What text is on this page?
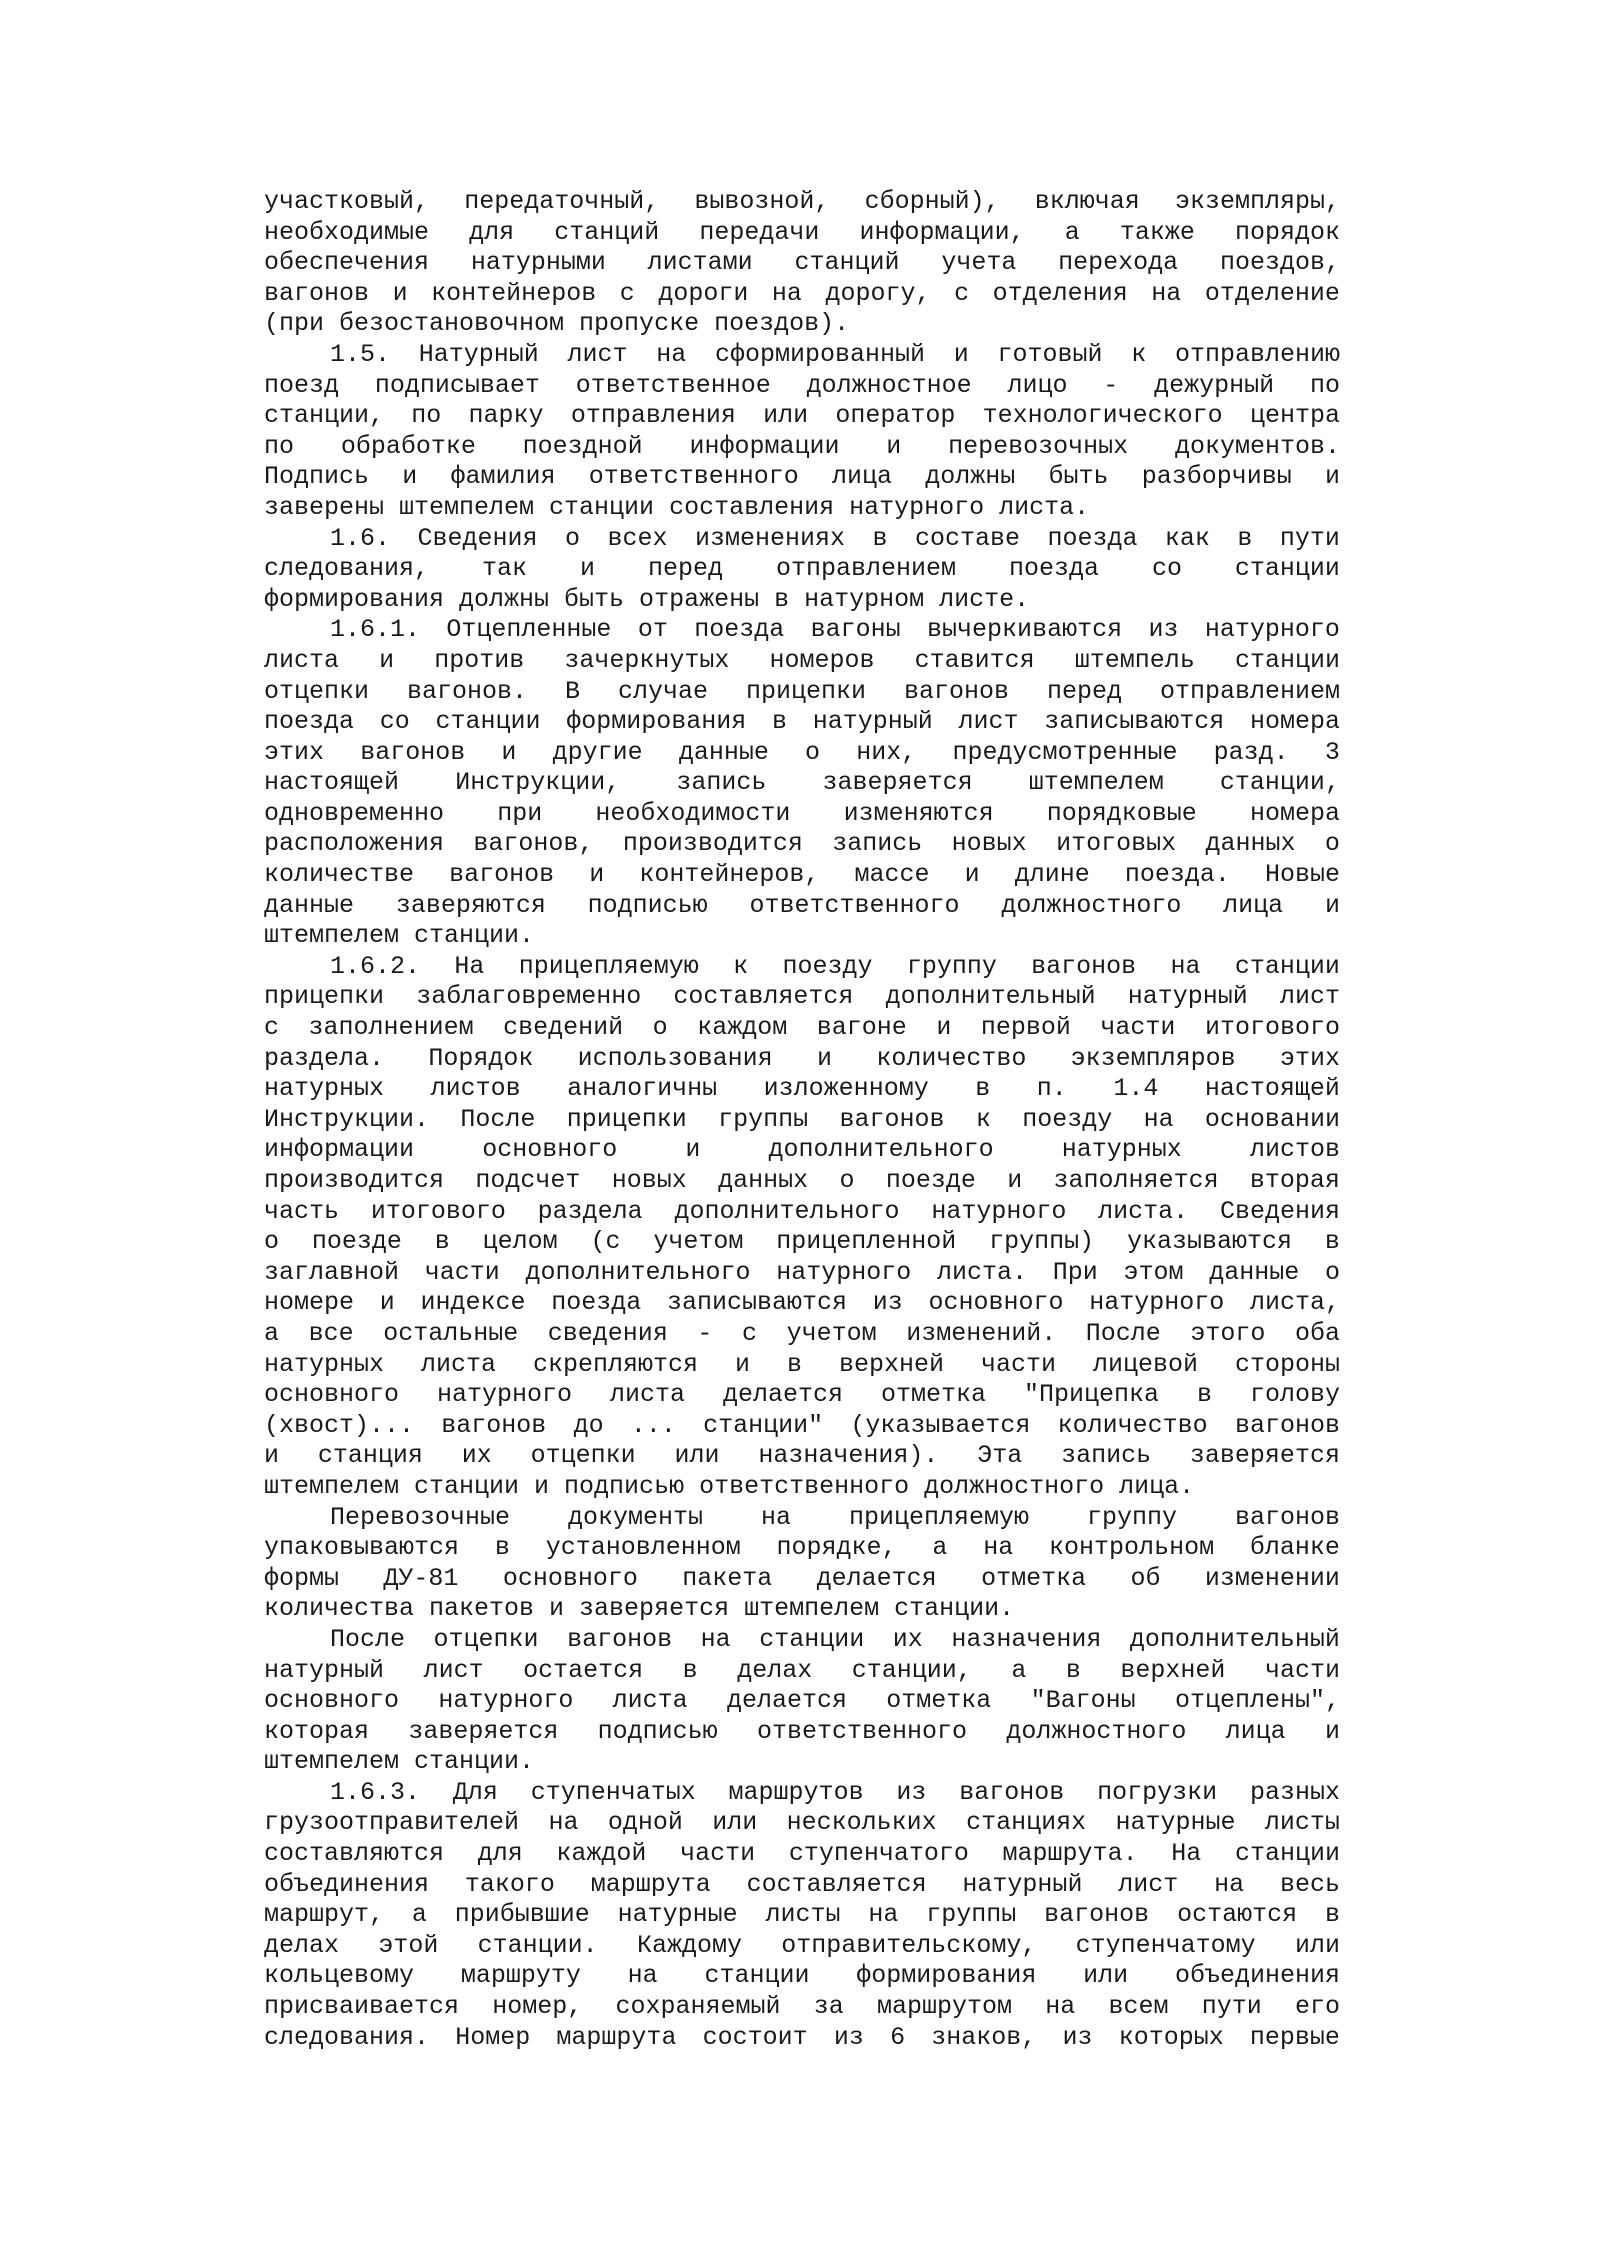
участковый, передаточный, вывозной, сборный), включая экземпляры,
необходимые для станций передачи информации, а также порядок
обеспечения натурными листами станций учета перехода поездов,
вагонов и контейнеров с дороги на дорогу, с отделения на отделение
(при безостановочном пропуске поездов).
1.5. Натурный лист на сформированный и готовый к отправлению
поезд подписывает ответственное должностное лицо - дежурный по
станции, по парку отправления или оператор технологического центра
по обработке поездной информации и перевозочных документов.
Подпись и фамилия ответственного лица должны быть разборчивы и
заверены штемпелем станции составления натурного листа.
1.6. Сведения о всех изменениях в составе поезда как в пути
следования, так и перед отправлением поезда со станции
формирования должны быть отражены в натурном листе.
1.6.1. Отцепленные от поезда вагоны вычеркиваются из натурного
листа и против зачеркнутых номеров ставится штемпель станции
отцепки вагонов. В случае прицепки вагонов перед отправлением
поезда со станции формирования в натурный лист записываются номера
этих вагонов и другие данные о них, предусмотренные разд. 3
настоящей Инструкции, запись заверяется штемпелем станции,
одновременно при необходимости изменяются порядковые номера
расположения вагонов, производится запись новых итоговых данных о
количестве вагонов и контейнеров, массе и длине поезда. Новые
данные заверяются подписью ответственного должностного лица и
штемпелем станции.
1.6.2. На прицепляемую к поезду группу вагонов на станции
прицепки заблаговременно составляется дополнительный натурный лист
с заполнением сведений о каждом вагоне и первой части итогового
раздела. Порядок использования и количество экземпляров этих
натурных листов аналогичны изложенному в п. 1.4 настоящей
Инструкции. После прицепки группы вагонов к поезду на основании
информации	основного	и	дополнительного	натурных	листов
производится подсчет новых данных о поезде и заполняется вторая
часть итогового раздела дополнительного натурного листа. Сведения
о поезде в целом (с учетом прицепленной группы) указываются в
заглавной части дополнительного натурного листа. При этом данные о
номере и индексе поезда записываются из основного натурного листа,
а все остальные сведения - с учетом изменений. После этого оба
натурных листа скрепляются и в верхней части лицевой стороны
основного натурного листа делается отметка "Прицепка в голову
(хвост)... вагонов до ... станции" (указывается количество вагонов
и станция их отцепки или назначения). Эта запись заверяется
штемпелем станции и подписью ответственного должностного лица.
Перевозочные документы на прицепляемую группу вагонов
упаковываются в установленном порядке, а на контрольном бланке
формы ДУ-81 основного пакета делается отметка об изменении
количества пакетов и заверяется штемпелем станции.
После отцепки вагонов на станции их назначения дополнительный
натурный лист остается в делах станции, а в верхней части
основного натурного листа делается отметка "Вагоны отцеплены",
которая заверяется подписью ответственного должностного лица и
штемпелем станции.
1.6.3. Для ступенчатых маршрутов из вагонов погрузки разных
грузоотправителей на одной или нескольких станциях натурные листы
составляются для каждой части ступенчатого маршрута. На станции
объединения такого маршрута составляется натурный лист на весь
маршрут, а прибывшие натурные листы на группы вагонов остаются в
делах этой станции. Каждому отправительскому, ступенчатому или
кольцевому маршруту на станции формирования или объединения
присваивается номер, сохраняемый за маршрутом на всем пути его
следования. Номер маршрута состоит из 6 знаков, из которых первые
